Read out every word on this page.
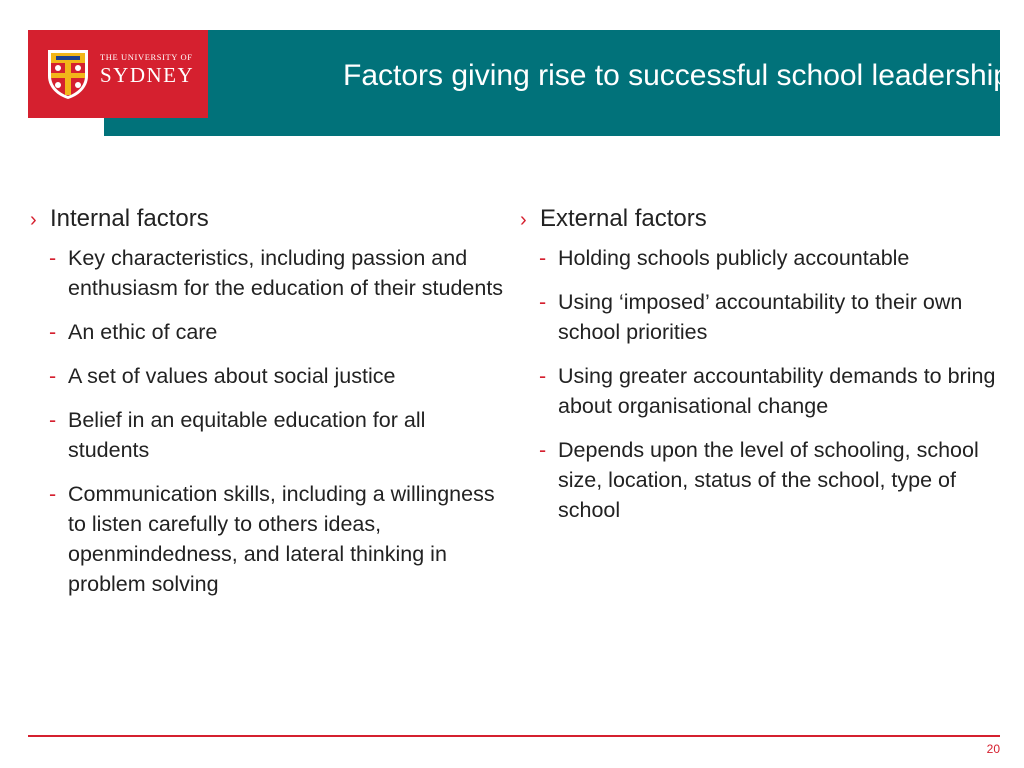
Factors giving rise to successful school leadership
THE UNIVERSITY OF
SYDNEY
› Internal factors
- Key characteristics, including passion and enthusiasm for the education of their students
- An ethic of care
- A set of values about social justice
- Belief in an equitable education for all students
- Communication skills, including a willingness to listen carefully to others ideas, openmindedness, and lateral thinking in problem solving
› External factors
- Holding schools publicly accountable
- Using ‘imposed’ accountability to their own school priorities
- Using greater accountability demands to bring about organisational change
- Depends upon the level of schooling, school size, location, status of the school, type of school
20
